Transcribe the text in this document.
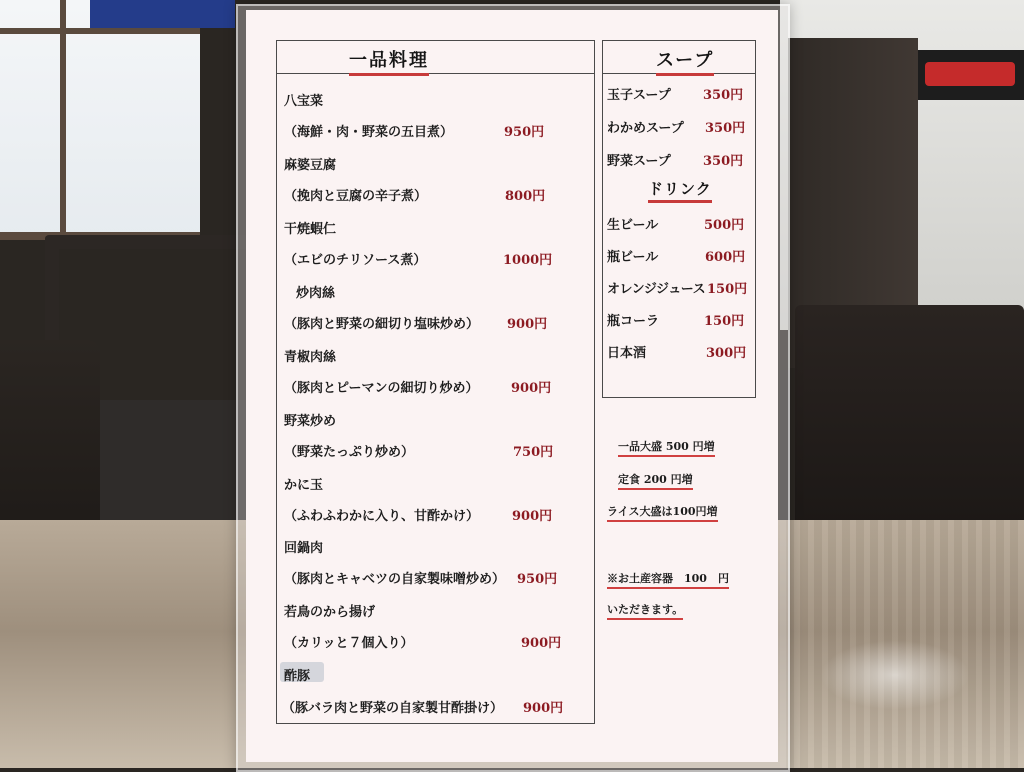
一品料理	スープ
ドリンク
八宝菜
（海鮮・肉・野菜の五目煮）	950円
麻婆豆腐
（挽肉と豆腐の辛子煮）	800円
干焼蝦仁
（エビのチリソース煮）	1000円
炒肉絲
（豚肉と野菜の細切り塩味炒め） 900円
青椒肉絲
（豚肉とピーマンの細切り炒め）	900円
野菜炒め
（野菜たっぷり炒め）	750円
かに玉
（ふわふわかに入り、甘酢かけ）	900円
回鍋肉
（豚肉とキャベツの自家製味噌炒め） 950円
若鳥のから揚げ
（カリッと７個入り）	900円
酢豚
（豚バラ肉と野菜の自家製甘酢掛け） 900円
玉子スープ 350円
わかめスープ 350円
野菜スープ 350円
生ビール	500円
瓶ビール	600円
オレンジジュース 150円
瓶コーラ	150円
日本酒	300円
一品大盛 500 円増
定食 200 円増
ライス大盛は100円増
※お土産容器　100　円
いただきます。
